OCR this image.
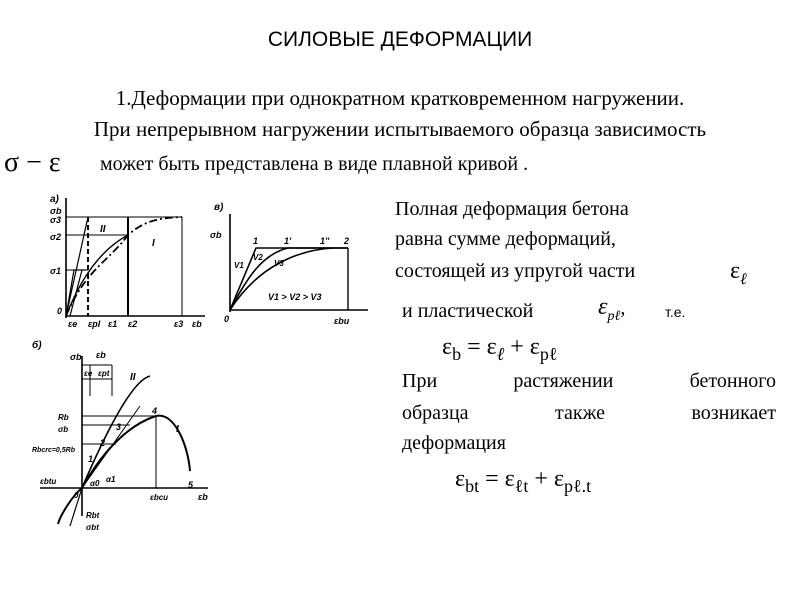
СИЛОВЫЕ ДЕФОРМАЦИИ
1.Деформации при однократном кратковременном нагружении.
При непрерывном нагружении испытываемого образца зависимость
σ − ε может быть представлена в виде плавной кривой .
Полная деформация бетона
равна сумме деформаций,
состоящей из упругой части	$\varepsilon_\ell$
и пластической	$\varepsilon_{p\ell}$,	т.е.
$\varepsilon_b = \varepsilon_\ell + \varepsilon_{p\ell}$
При растяжении бетонного
образца также возникает
деформация
$\varepsilon_{bt} = \varepsilon_{\ell t} + \varepsilon_{p\ell.t}$
а)
σb
σ3
σ2
σ1
0
II
I
εe εpl ε1 ε2	ε3 εb
в)
σb
1	1'	1'' 2
V1
V2
V3
V1 > V2 > V3
0	εbu
б)
σb εb
εe εpt II
I
Rb
σb
Rbcrc=0,5Rb
1
2
3
4
5
α1
α0
εbtu
εbcu	εb
Rbt
σbt
0
